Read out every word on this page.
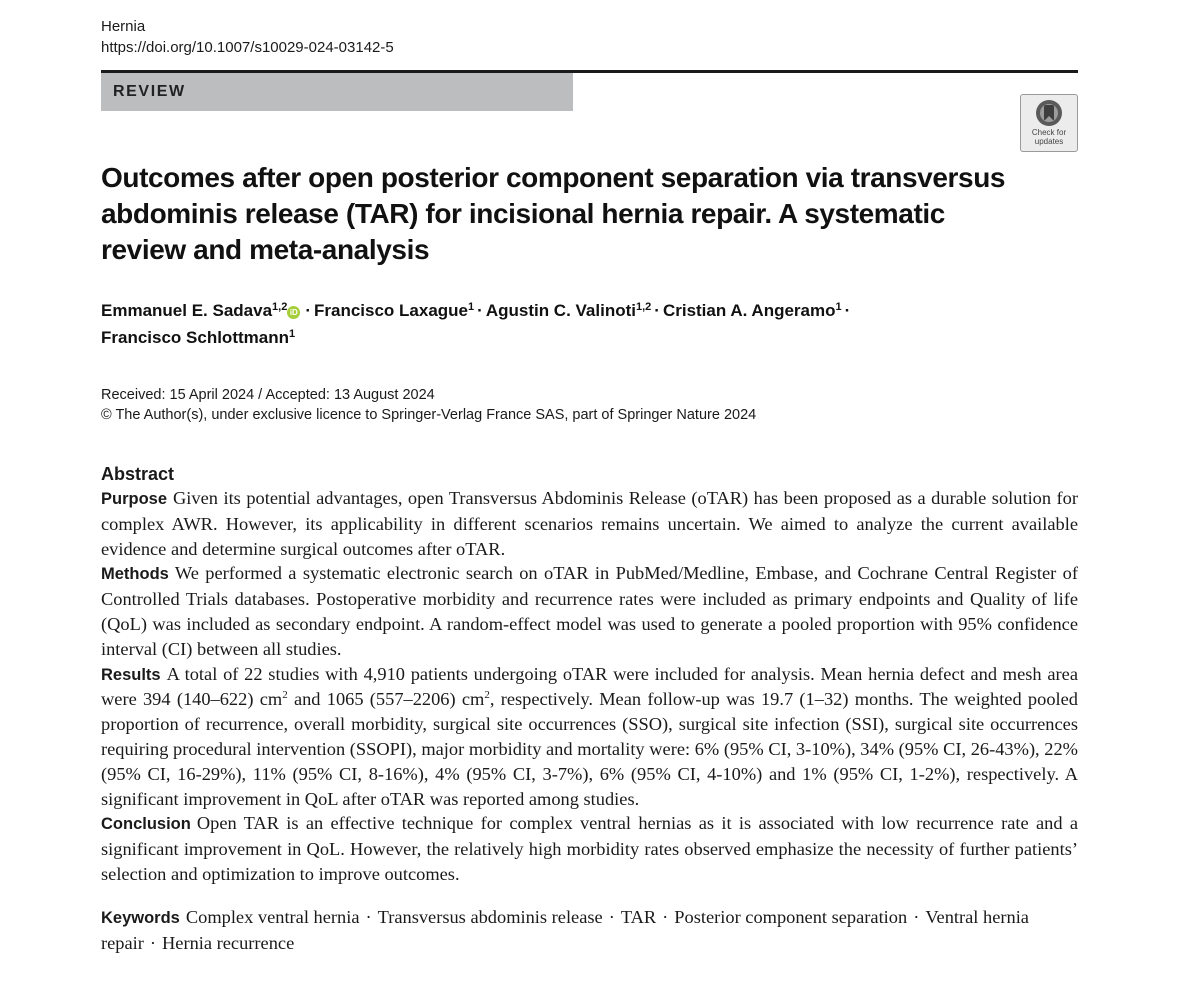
Hernia
https://doi.org/10.1007/s10029-024-03142-5
REVIEW
Check for
updates
Outcomes after open posterior component separation via transversus abdominis release (TAR) for incisional hernia repair. A systematic review and meta-analysis
Emmanuel E. Sadava$^{1,2}$ iD · Francisco Laxague$^1$ · Agustin C. Valinoti$^{1,2}$ · Cristian A. Angeramo$^1$ ·
Francisco Schlottmann$^1$
Received: 15 April 2024 / Accepted: 13 August 2024
© The Author(s), under exclusive licence to Springer-Verlag France SAS, part of Springer Nature 2024
Abstract

Purpose Given its potential advantages, open Transversus Abdominis Release (oTAR) has been proposed as a durable solution for complex AWR. However, its applicability in different scenarios remains uncertain. We aimed to analyze the current available evidence and determine surgical outcomes after oTAR.

Methods We performed a systematic electronic search on oTAR in PubMed/Medline, Embase, and Cochrane Central Register of Controlled Trials databases. Postoperative morbidity and recurrence rates were included as primary endpoints and Quality of life (QoL) was included as secondary endpoint. A random-effect model was used to generate a pooled proportion with 95% confidence interval (CI) between all studies.

Results A total of 22 studies with 4,910 patients undergoing oTAR were included for analysis. Mean hernia defect and mesh area were 394 (140–622) $cm^2$ and 1065 (557–2206) $cm^2$, respectively. Mean follow-up was 19.7 (1–32) months. The weighted pooled proportion of recurrence, overall morbidity, surgical site occurrences (SSO), surgical site infection (SSI), surgical site occurrences requiring procedural intervention (SSOPI), major morbidity and mortality were: 6% (95% CI, 3-10%), 34% (95% CI, 26-43%), 22% (95% CI, 16-29%), 11% (95% CI, 8-16%), 4% (95% CI, 3-7%), 6% (95% CI, 4-10%) and 1% (95% CI, 1-2%), respectively. A significant improvement in QoL after oTAR was reported among studies.

Conclusion Open TAR is an effective technique for complex ventral hernias as it is associated with low recurrence rate and a significant improvement in QoL. However, the relatively high morbidity rates observed emphasize the necessity of further patients’ selection and optimization to improve outcomes.

Keywords Complex ventral hernia · Transversus abdominis release · TAR · Posterior component separation · Ventral hernia repair · Hernia recurrence
